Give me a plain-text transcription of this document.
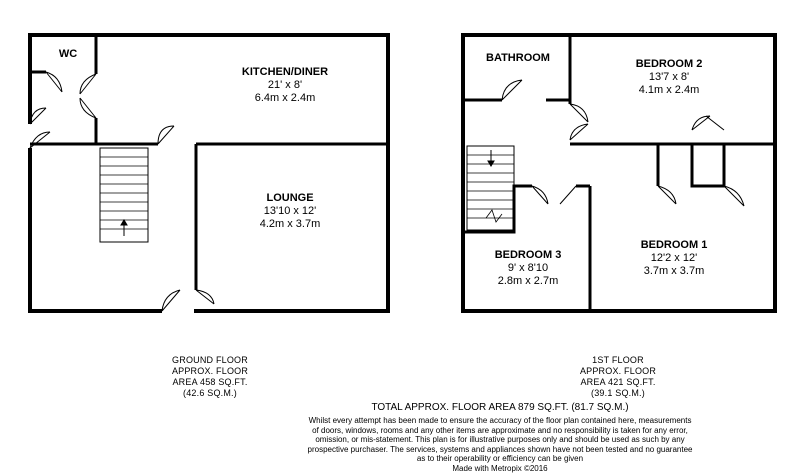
WC
KITCHEN/DINER
21' x 8'
6.4m x 2.4m
LOUNGE
13'10 x 12'
4.2m x 3.7m
BATHROOM	BEDROOM 2
13'7 x 8'
4.1m x 2.4m
BEDROOM 1
12'2 x 12'
3.7m x 3.7m
BEDROOM 3
9' x 8'10
2.8m x 2.7m
GROUND FLOOR
APPROX. FLOOR
AREA 458 SQ.FT.
(42.6 SQ.M.)
1ST FLOOR
APPROX. FLOOR
AREA 421 SQ.FT.
(39.1 SQ.M.)
TOTAL APPROX. FLOOR AREA 879 SQ.FT. (81.7 SQ.M.)
Whilst every attempt has been made to ensure the accuracy of the floor plan contained here, measurements
of doors, windows, rooms and any other items are approximate and no responsibility is taken for any error,
omission, or mis-statement. This plan is for illustrative purposes only and should be used as such by any
prospective purchaser. The services, systems and appliances shown have not been tested and no guarantee
as to their operability or efficiency can be given
Made with Metropix ©2016
